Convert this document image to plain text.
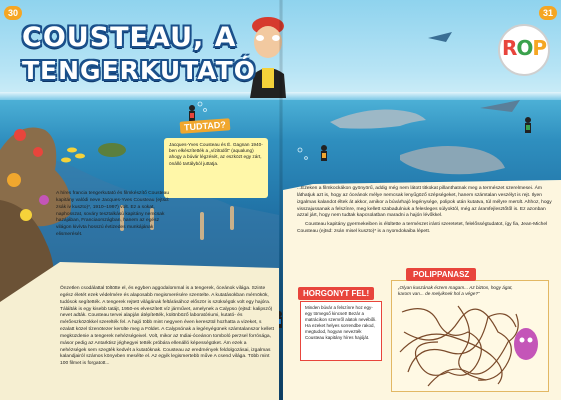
30	31
COUSTEAU, A
TENGERKUTATÓ
ROP
TUDTAD?
Jacques-Yves Cousteau és É. Gagnan 1940-ben elkészítették a „vízitüdőt” (aqualung) ahogy a búvár légzését, az eszközt egy zárt, önálló tartályból juttatja.
A híres francia tengerkutató és filmkészítő Cousteau kapitány valódi neve Jacques-Yves Cousteau (ejtsd: zsák iv kuszto)*, 1910–1997) volt. Ez a sokat, naphosszat, sováry tesztalkású kapitány nemcsak hazájában, Franciaországban, hanem az egész világon kivívta hosszú évtizedes munkájának elismerését.
Önzetlen csodálattal töltötte el, és egyben aggodalommal is a tengerek, óceánok világa. Szinte egész életét ezek védelmére és alaposabb megismerésére szentelte. A kutatásokban mérnökök, tudósok segítették. A tengerek rejtett világának feltárásához először is szükségük volt egy hajóra. Tálálták is egy kisebb tatájt, 1950-es elveszített víz járművet, amelynek a Calypso (ejtsd: kalipszó) nevet adták. Cousteau tervei alapján átépítették, különböző laboratóriumi, kutató- és mérőeszközökkel szerelték fel. A hajó több mint negyven éven keresztül hozhatta a vizeket, s ezalatt közel tízenötezer kerülte meg a Földet. A Calypsónak a legényégünek számtalanszor kellett megküzdenie a tengerek nehézségeivel. Volt, mikor az Indiai-óceánon tomboló perzsel forrósága, másor pedig az Antarktisz jéghegyei tették próbára ellenálló képességüket. Ám ezek a nehézségek sem szegték kedvét a kutatóknak. Cousteau az eredmények feldolgozásai, izgalmas kalandjairól számos könyvben mesélte el. Az egyik legismertebb műve A csend világa. Több mint 100 filmet is forgatott...

...Ezeken a filmkockákon gyönyörű, addig még nem látott titkokat pillanthatnak meg a természet szerelmesei. Ám láthatjuk azt is, hogy az óceánok mélye nemcsak lenyűgöző szépségeket, hanem számtalan veszélyt is rejt. Ilyen izgalmas kalandot éltek át akkor, amikor a búvárhajó legénysége, polipok után kutatva, túl mélyre merült. Ahhoz, hogy visszajussanak a felszínre, meg kellett szabadulniuk a felesleges súlyoktól, még az áramfejlesztőtől is. Ez azonban azzal járt, hogy nem tudtak kapcsolatban maradni a hajón lévőkkel.

Cousteau kapitány gyermekeiben is élültette a természet iránti szeretetet, felelősségtudatot, így fia, Jean-Michel Cousteau (ejtsd: zsán misel kuszto)* is a nyomdokaiba lépett.

HORGONYT FEL!
Minden búvár a felszínre hoz egy-egy tömegső kincset! Bezár a matrácikon szemről alatok nevébőli. Ha ezeket helyes sorrendbe rakod, megtudod, hogyan nevezték Cousteau kapitány híres hajóját.
POLIPPANASZ
„Olyan kuszának érzem magam... Az biztos, hogy ágat, karom van... de melyiknek hol a vége?”
